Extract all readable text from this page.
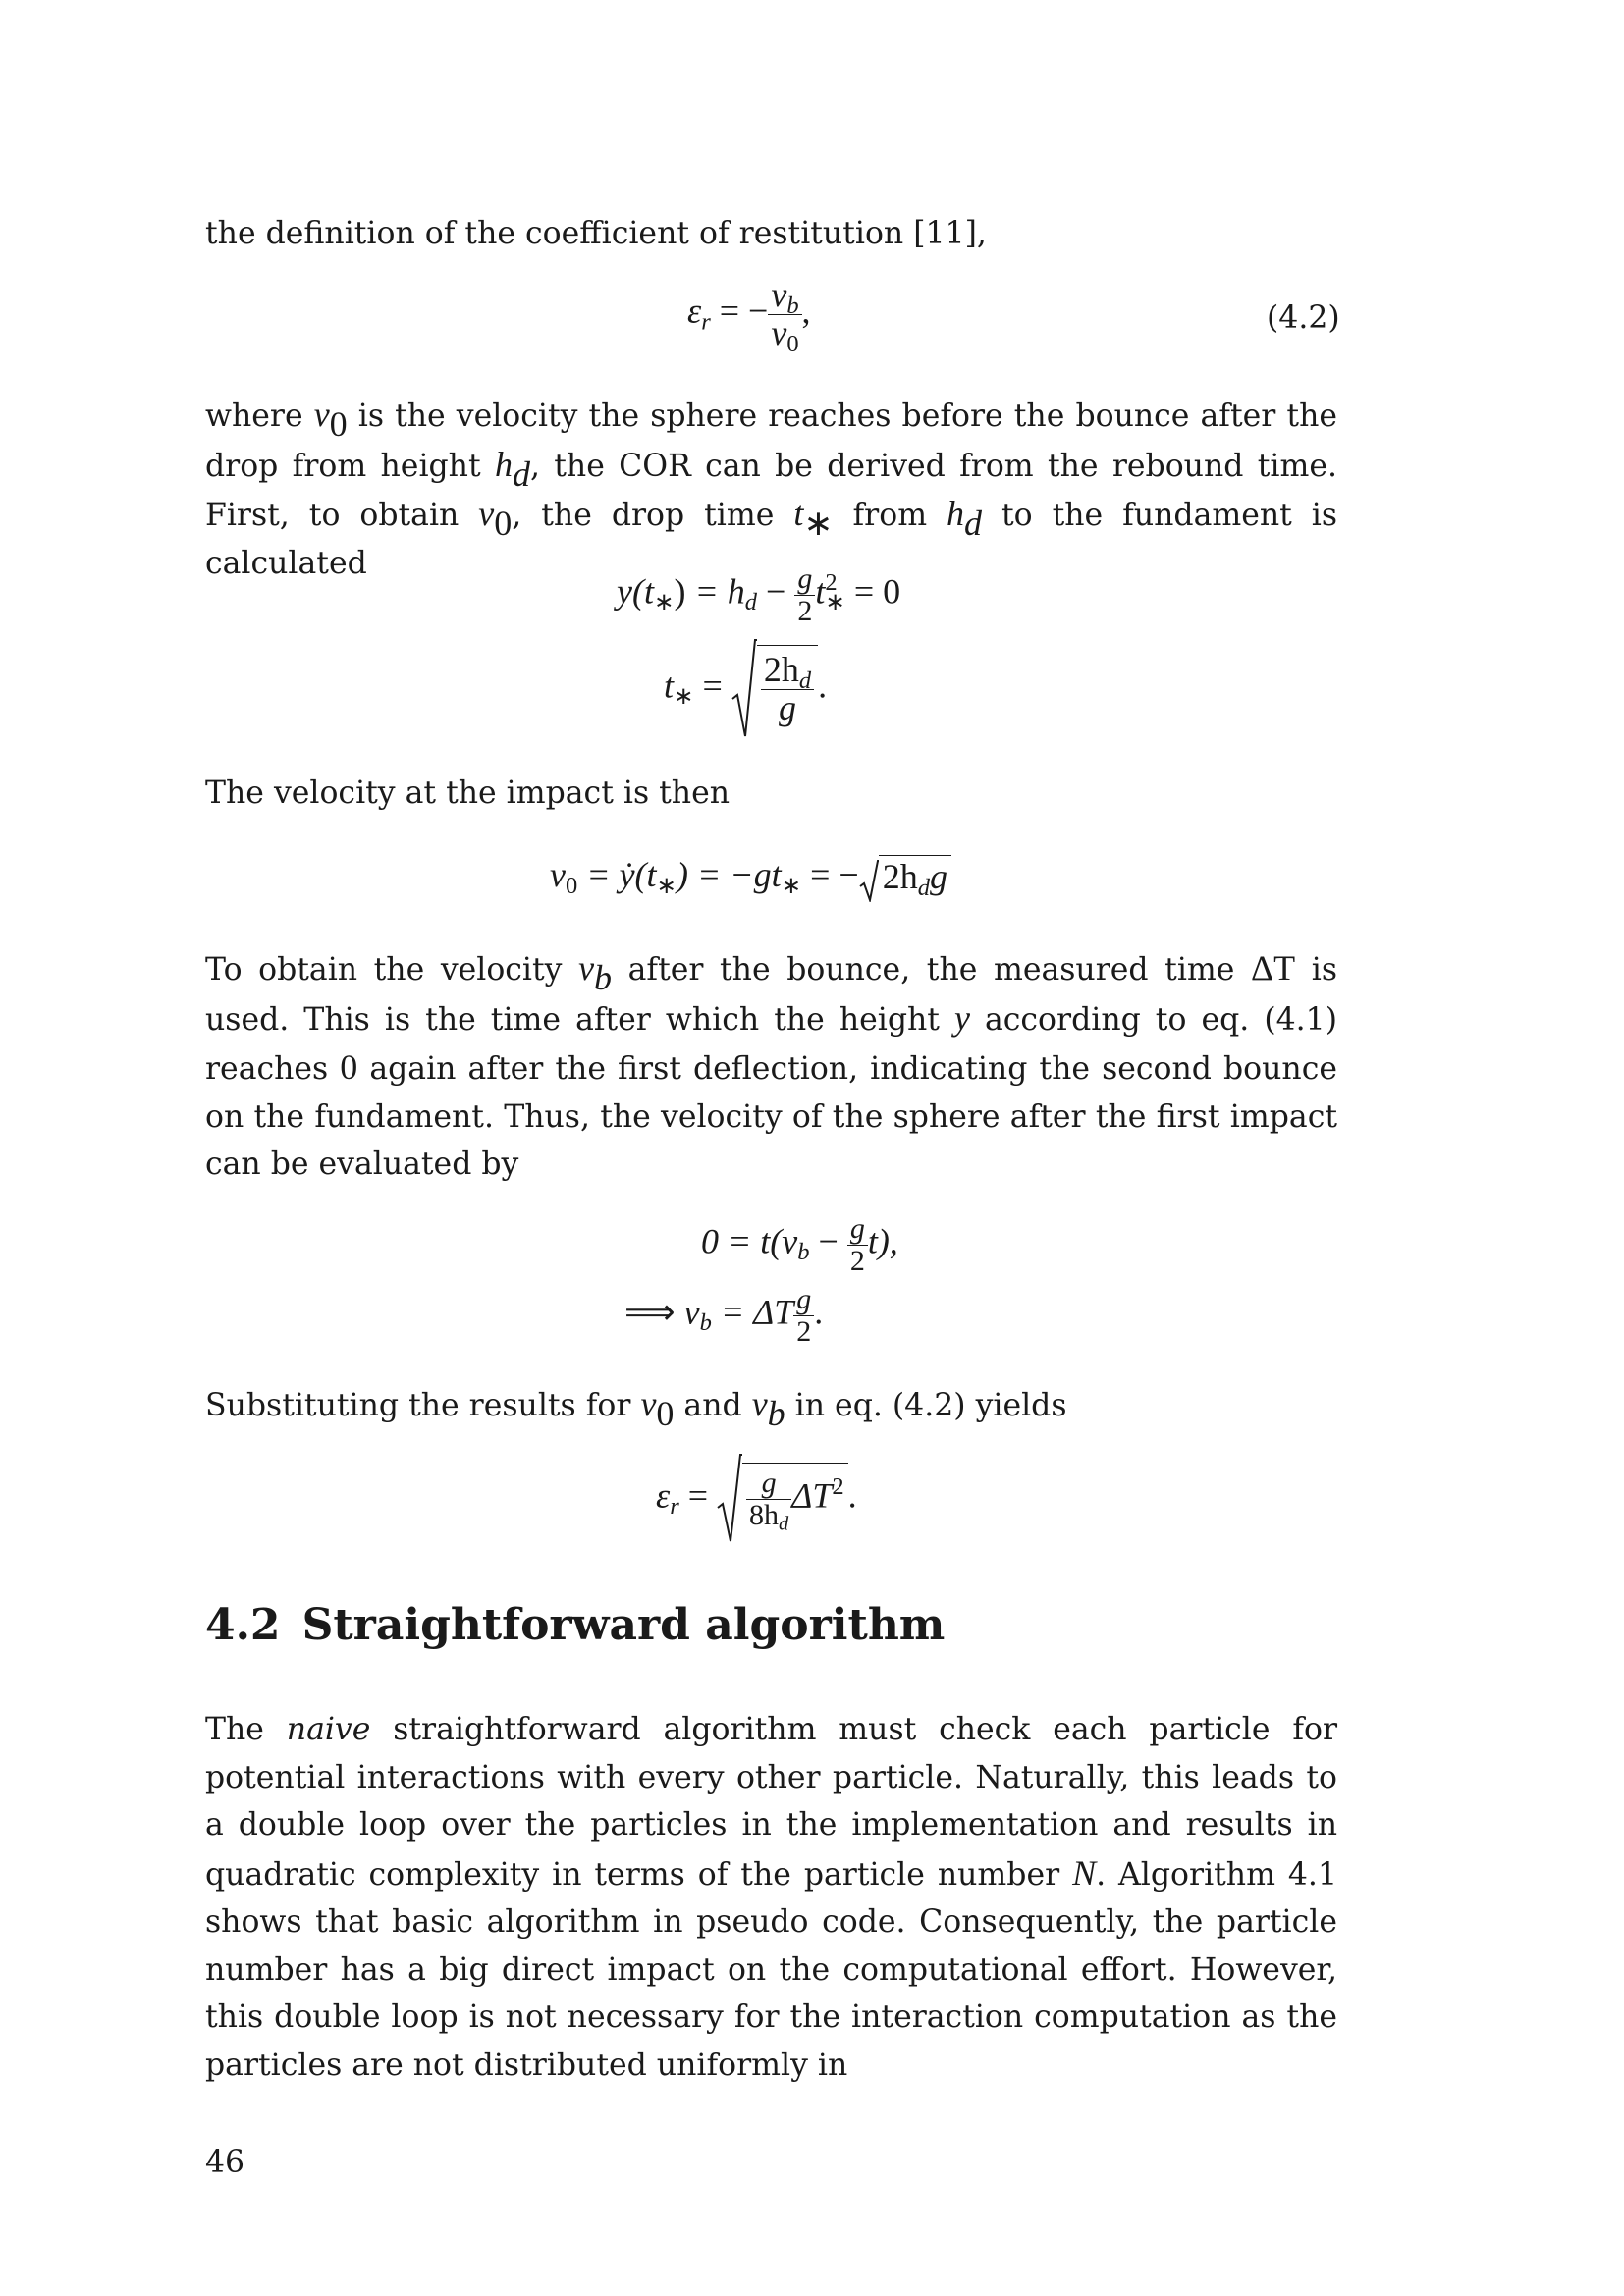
the definition of the coefficient of restitution [11],
$\varepsilon_r$ = − $\frac{v_b}{v_0}$ ,	(4.2)
where $v_0$ is the velocity the sphere reaches before the bounce after the drop from height $h_d$, the COR can be derived from the rebound time. First, to obtain $v_0$, the drop time $t_∗$ from $h_d$ to the fundament is calculated
$y(t_∗) = h_d - \frac{g}{2} t^2_∗ = 0$
$t_∗ = \frac{2h_d}{g}$ .
The velocity at the impact is then
$v_0$ = $ẏ(t_∗) = -gt_∗$ = − $2h_dg$
To obtain the velocity $v_b$ after the bounce, the measured time ΔT is used. This is the time after which the height y according to eq. (4.1) reaches 0 again after the first deflection, indicating the second bounce on the fundament. Thus, the velocity of the sphere after the first impact can be evaluated by
$0 = t(v_b - \frac{g}{2} t)$,
⟹ $v_b = \Delta T \frac{g}{2}$ .
Substituting the results for $v_0$ and $v_b$ in eq. (4.2) yields
$\varepsilon_r = \frac{g}{8h_d} \Delta T^2$ .
4.2 Straightforward algorithm
The naive straightforward algorithm must check each particle for potential interactions with every other particle. Naturally, this leads to a double loop over the particles in the implementation and results in quadratic complexity in terms of the particle number N. Algorithm 4.1 shows that basic algorithm in pseudo code. Consequently, the particle number has a big direct impact on the computational effort. However, this double loop is not necessary for the interaction computation as the particles are not distributed uniformly in
46
